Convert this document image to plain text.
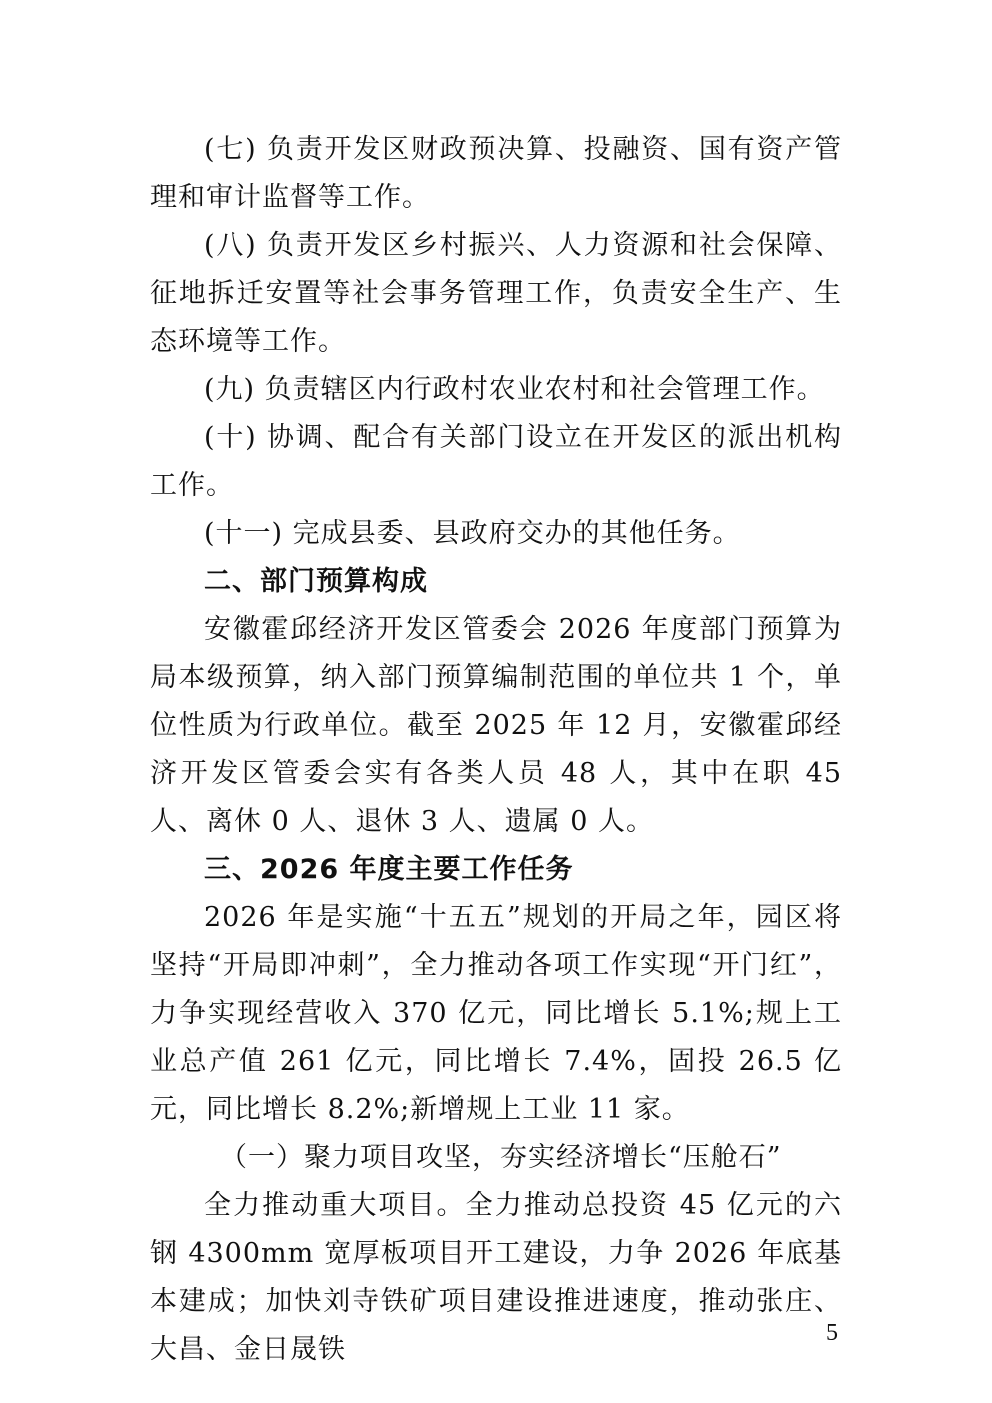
(七) 负责开发区财政预决算、投融资、国有资产管理和审计监督等工作。

(八) 负责开发区乡村振兴、人力资源和社会保障、征地拆迁安置等社会事务管理工作，负责安全生产、生态环境等工作。

(九) 负责辖区内行政村农业农村和社会管理工作。

(十) 协调、配合有关部门设立在开发区的派出机构工作。

(十一) 完成县委、县政府交办的其他任务。

二、部门预算构成

安徽霍邱经济开发区管委会 2026 年度部门预算为局本级预算，纳入部门预算编制范围的单位共 1 个，单位性质为行政单位。截至 2025 年 12 月，安徽霍邱经济开发区管委会实有各类人员 48 人，其中在职 45 人、离休 0 人、退休 3 人、遗属 0 人。

三、2026 年度主要工作任务

2026 年是实施“十五五”规划的开局之年，园区将坚持“开局即冲刺”，全力推动各项工作实现“开门红”，力争实现经营收入 370 亿元，同比增长 5.1%;规上工业总产值 261 亿元，同比增长 7.4%，固投 26.5 亿元，同比增长 8.2%;新增规上工业 11 家。

（一）聚力项目攻坚，夯实经济增长“压舱石”

全力推动重大项目。全力推动总投资 45 亿元的六钢 4300mm 宽厚板项目开工建设，力争 2026 年底基本建成；加快刘寺铁矿项目建设推进速度，推动张庄、大昌、金日晟铁

5
